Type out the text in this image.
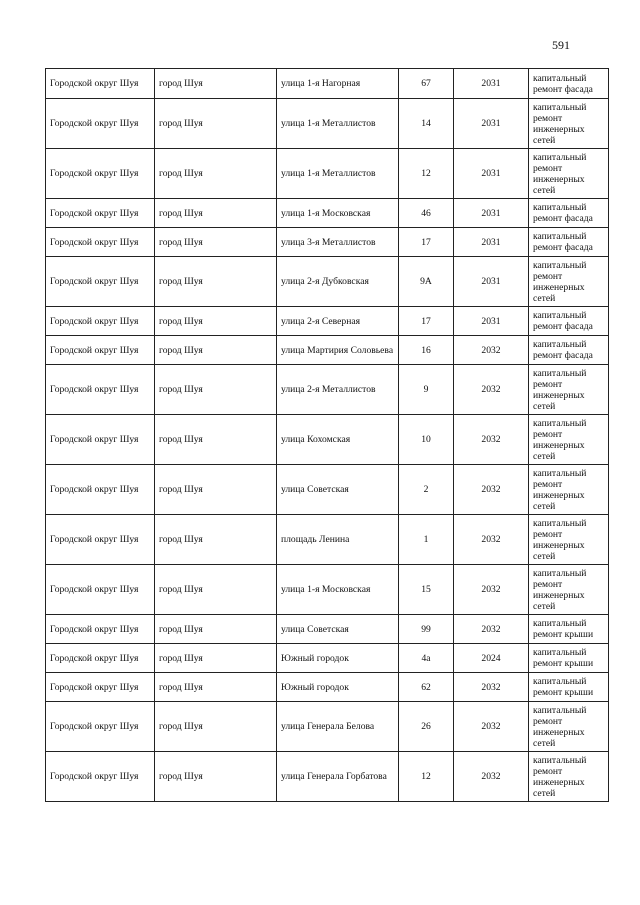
591
Городской округ Шуя	город Шуя	улица 1-я Нагорная	67	2031	капитальный ремонт фасада
Городской округ Шуя	город Шуя	улица 1-я Металлистов	14	2031	капитальный ремонт инженерных сетей
Городской округ Шуя	город Шуя	улица 1-я Металлистов	12	2031	капитальный ремонт инженерных сетей
Городской округ Шуя	город Шуя	улица 1-я Московская	46	2031	капитальный ремонт фасада
Городской округ Шуя	город Шуя	улица 3-я Металлистов	17	2031	капитальный ремонт фасада
Городской округ Шуя	город Шуя	улица 2-я Дубковская	9А	2031	капитальный ремонт инженерных сетей
Городской округ Шуя	город Шуя	улица 2-я Северная	17	2031	капитальный ремонт фасада
Городской округ Шуя	город Шуя	улица Мартирия Соловьева	16	2032	капитальный ремонт фасада
Городской округ Шуя	город Шуя	улица 2-я Металлистов	9	2032	капитальный ремонт инженерных сетей
Городской округ Шуя	город Шуя	улица Кохомская	10	2032	капитальный ремонт инженерных сетей
Городской округ Шуя	город Шуя	улица Советская	2	2032	капитальный ремонт инженерных сетей
Городской округ Шуя	город Шуя	площадь Ленина	1	2032	капитальный ремонт инженерных сетей
Городской округ Шуя	город Шуя	улица 1-я Московская	15	2032	капитальный ремонт инженерных сетей
Городской округ Шуя	город Шуя	улица Советская	99	2032	капитальный ремонт крыши
Городской округ Шуя	город Шуя	Южный городок	4а	2024	капитальный ремонт крыши
Городской округ Шуя	город Шуя	Южный городок	62	2032	капитальный ремонт крыши
Городской округ Шуя	город Шуя	улица Генерала Белова	26	2032	капитальный ремонт инженерных сетей
Городской округ Шуя	город Шуя	улица Генерала Горбатова	12	2032	капитальный ремонт инженерных сетей
